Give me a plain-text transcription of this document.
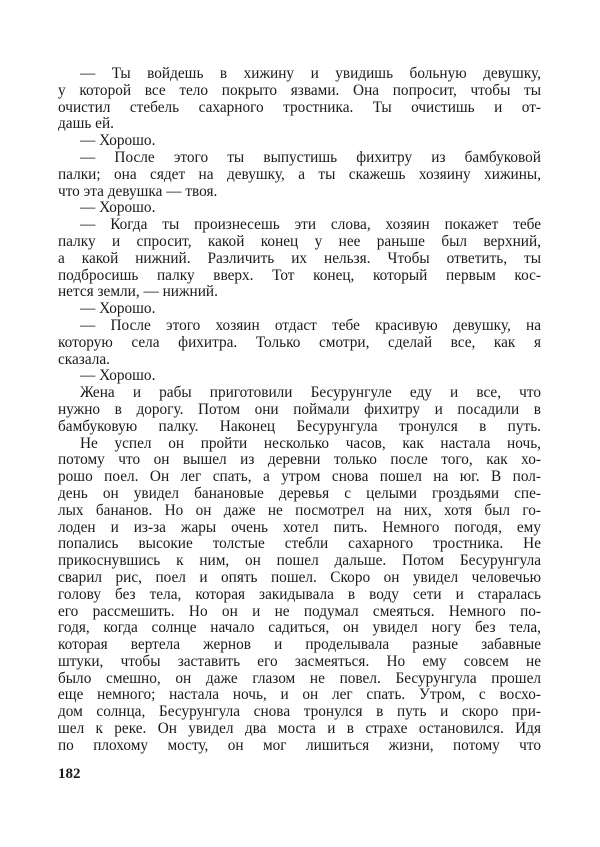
— Ты войдешь в хижину и увидишь больную девушку,
у которой все тело покрыто язвами. Она попросит, чтобы ты
очистил стебель сахарного тростника. Ты очистишь и от-
дашь ей.
— Хорошо.
— После этого ты выпустишь фихитру из бамбуковой
палки; она сядет на девушку, а ты скажешь хозяину хижины,
что эта девушка — твоя.
— Хорошо.
— Когда ты произнесешь эти слова, хозяин покажет тебе
палку и спросит, какой конец у нее раньше был верхний,
а какой нижний. Различить их нельзя. Чтобы ответить, ты
подбросишь палку вверх. Тот конец, который первым кос-
нется земли, — нижний.
— Хорошо.
— После этого хозяин отдаст тебе красивую девушку, на
которую села фихитра. Только смотри, сделай все, как я
сказала.
— Хорошо.
Жена и рабы приготовили Бесурунгуле еду и все, что
нужно в дорогу. Потом они поймали фихитру и посадили в
бамбуковую палку. Наконец Бесурунгула тронулся в путь.
Не успел он пройти несколько часов, как настала ночь,
потому что он вышел из деревни только после того, как хо-
рошо поел. Он лег спать, а утром снова пошел на юг. В пол-
день он увидел банановые деревья с целыми гроздьями спе-
лых бананов. Но он даже не посмотрел на них, хотя был го-
лоден и из-за жары очень хотел пить. Немного погодя, ему
попались высокие толстые стебли сахарного тростника. Не
прикоснувшись к ним, он пошел дальше. Потом Бесурунгула
сварил рис, поел и опять пошел. Скоро он увидел человечью
голову без тела, которая закидывала в воду сети и старалась
его рассмешить. Но он и не подумал смеяться. Немного по-
годя, когда солнце начало садиться, он увидел ногу без тела,
которая вертела жернов и проделывала разные забавные
штуки, чтобы заставить его засмеяться. Но ему совсем не
было смешно, он даже глазом не повел. Бесурунгула прошел
еще немного; настала ночь, и он лег спать. Утром, с восхо-
дом солнца, Бесурунгула снова тронулся в путь и скоро при-
шел к реке. Он увидел два моста и в страхе остановился. Идя
по плохому мосту, он мог лишиться жизни, потому что
182
